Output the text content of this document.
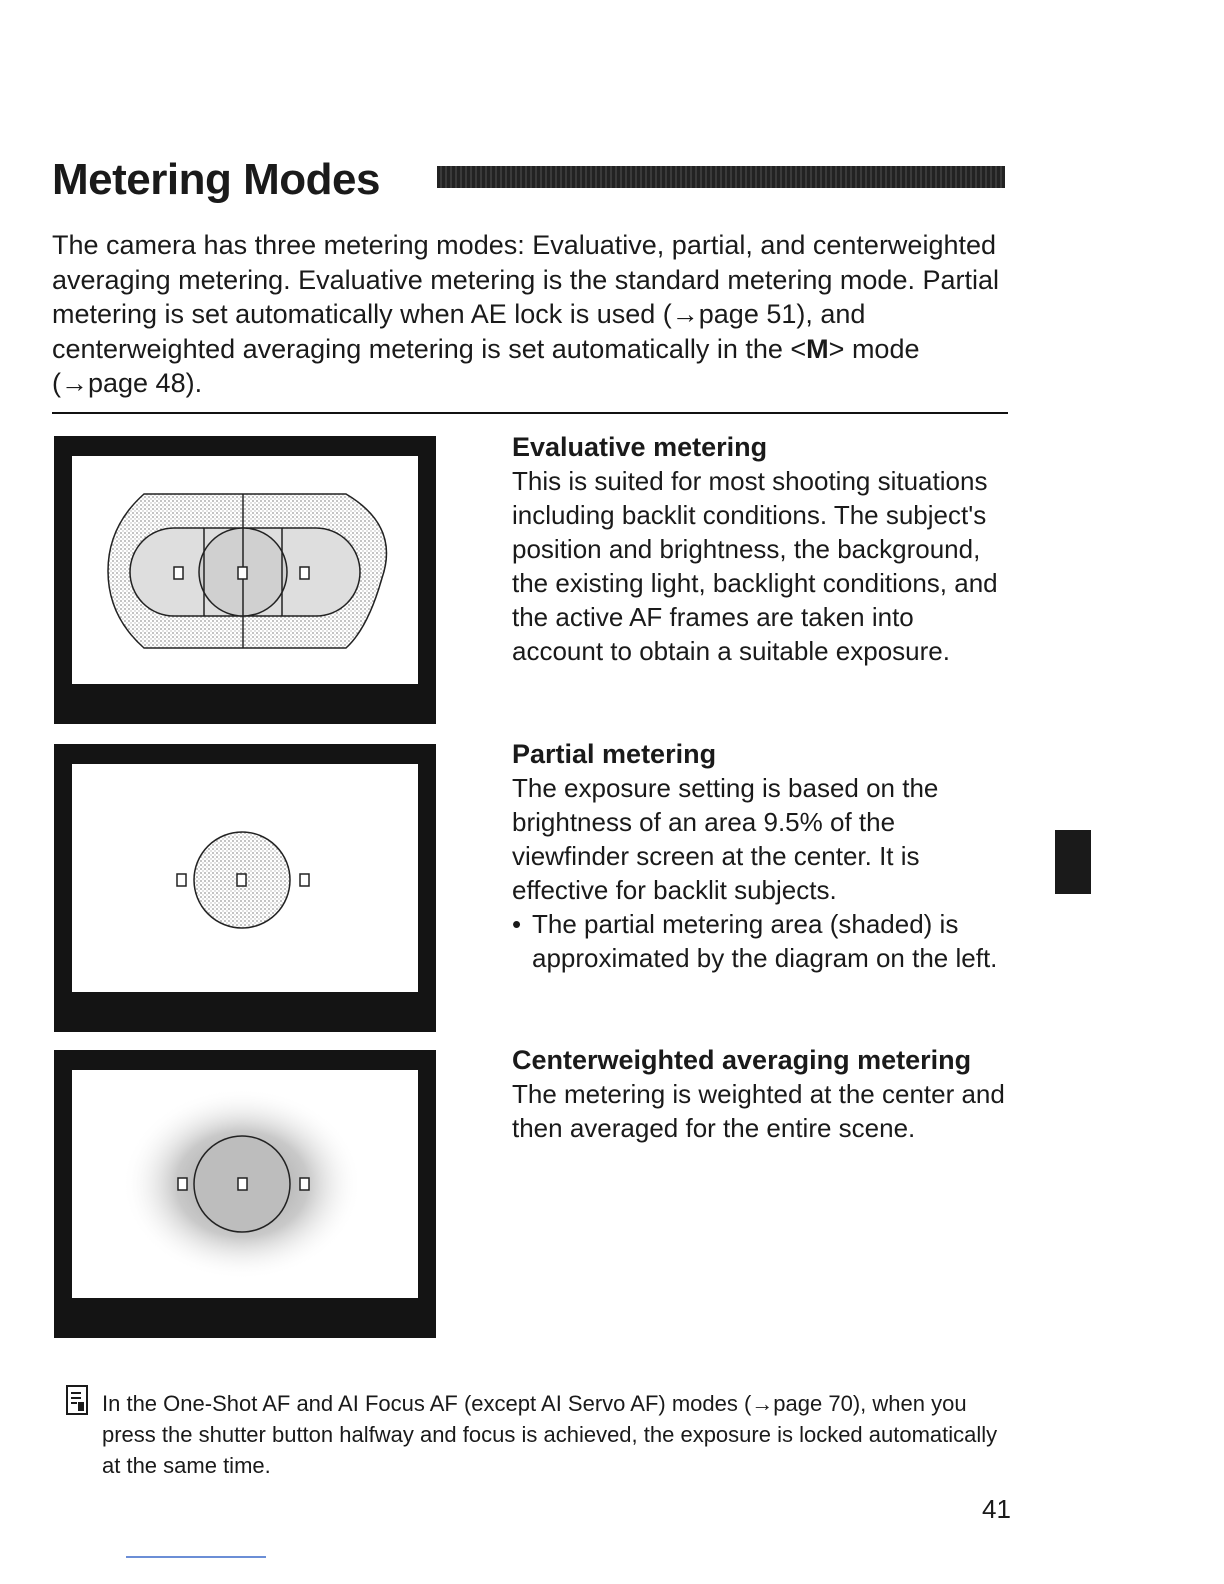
Metering Modes

The camera has three metering modes: Evaluative, partial, and centerweighted averaging metering. Evaluative metering is the standard metering mode. Partial metering is set automatically when AE lock is used (→page 51), and centerweighted averaging metering is set automatically in the <M> mode (→page 48).

Evaluative metering

This is suited for most shooting situations including backlit conditions. The subject's position and brightness, the background, the existing light, backlight conditions, and the active AF frames are taken into account to obtain a suitable exposure.

Partial metering

The exposure setting is based on the brightness of an area 9.5% of the viewfinder screen at the center. It is effective for backlit subjects.

• The partial metering area (shaded) is approximated by the diagram on the left.

Centerweighted averaging metering

The metering is weighted at the center and then averaged for the entire scene.

In the One-Shot AF and AI Focus AF (except AI Servo AF) modes (→page 70), when you press the shutter button halfway and focus is achieved, the exposure is locked automatically at the same time.

41
